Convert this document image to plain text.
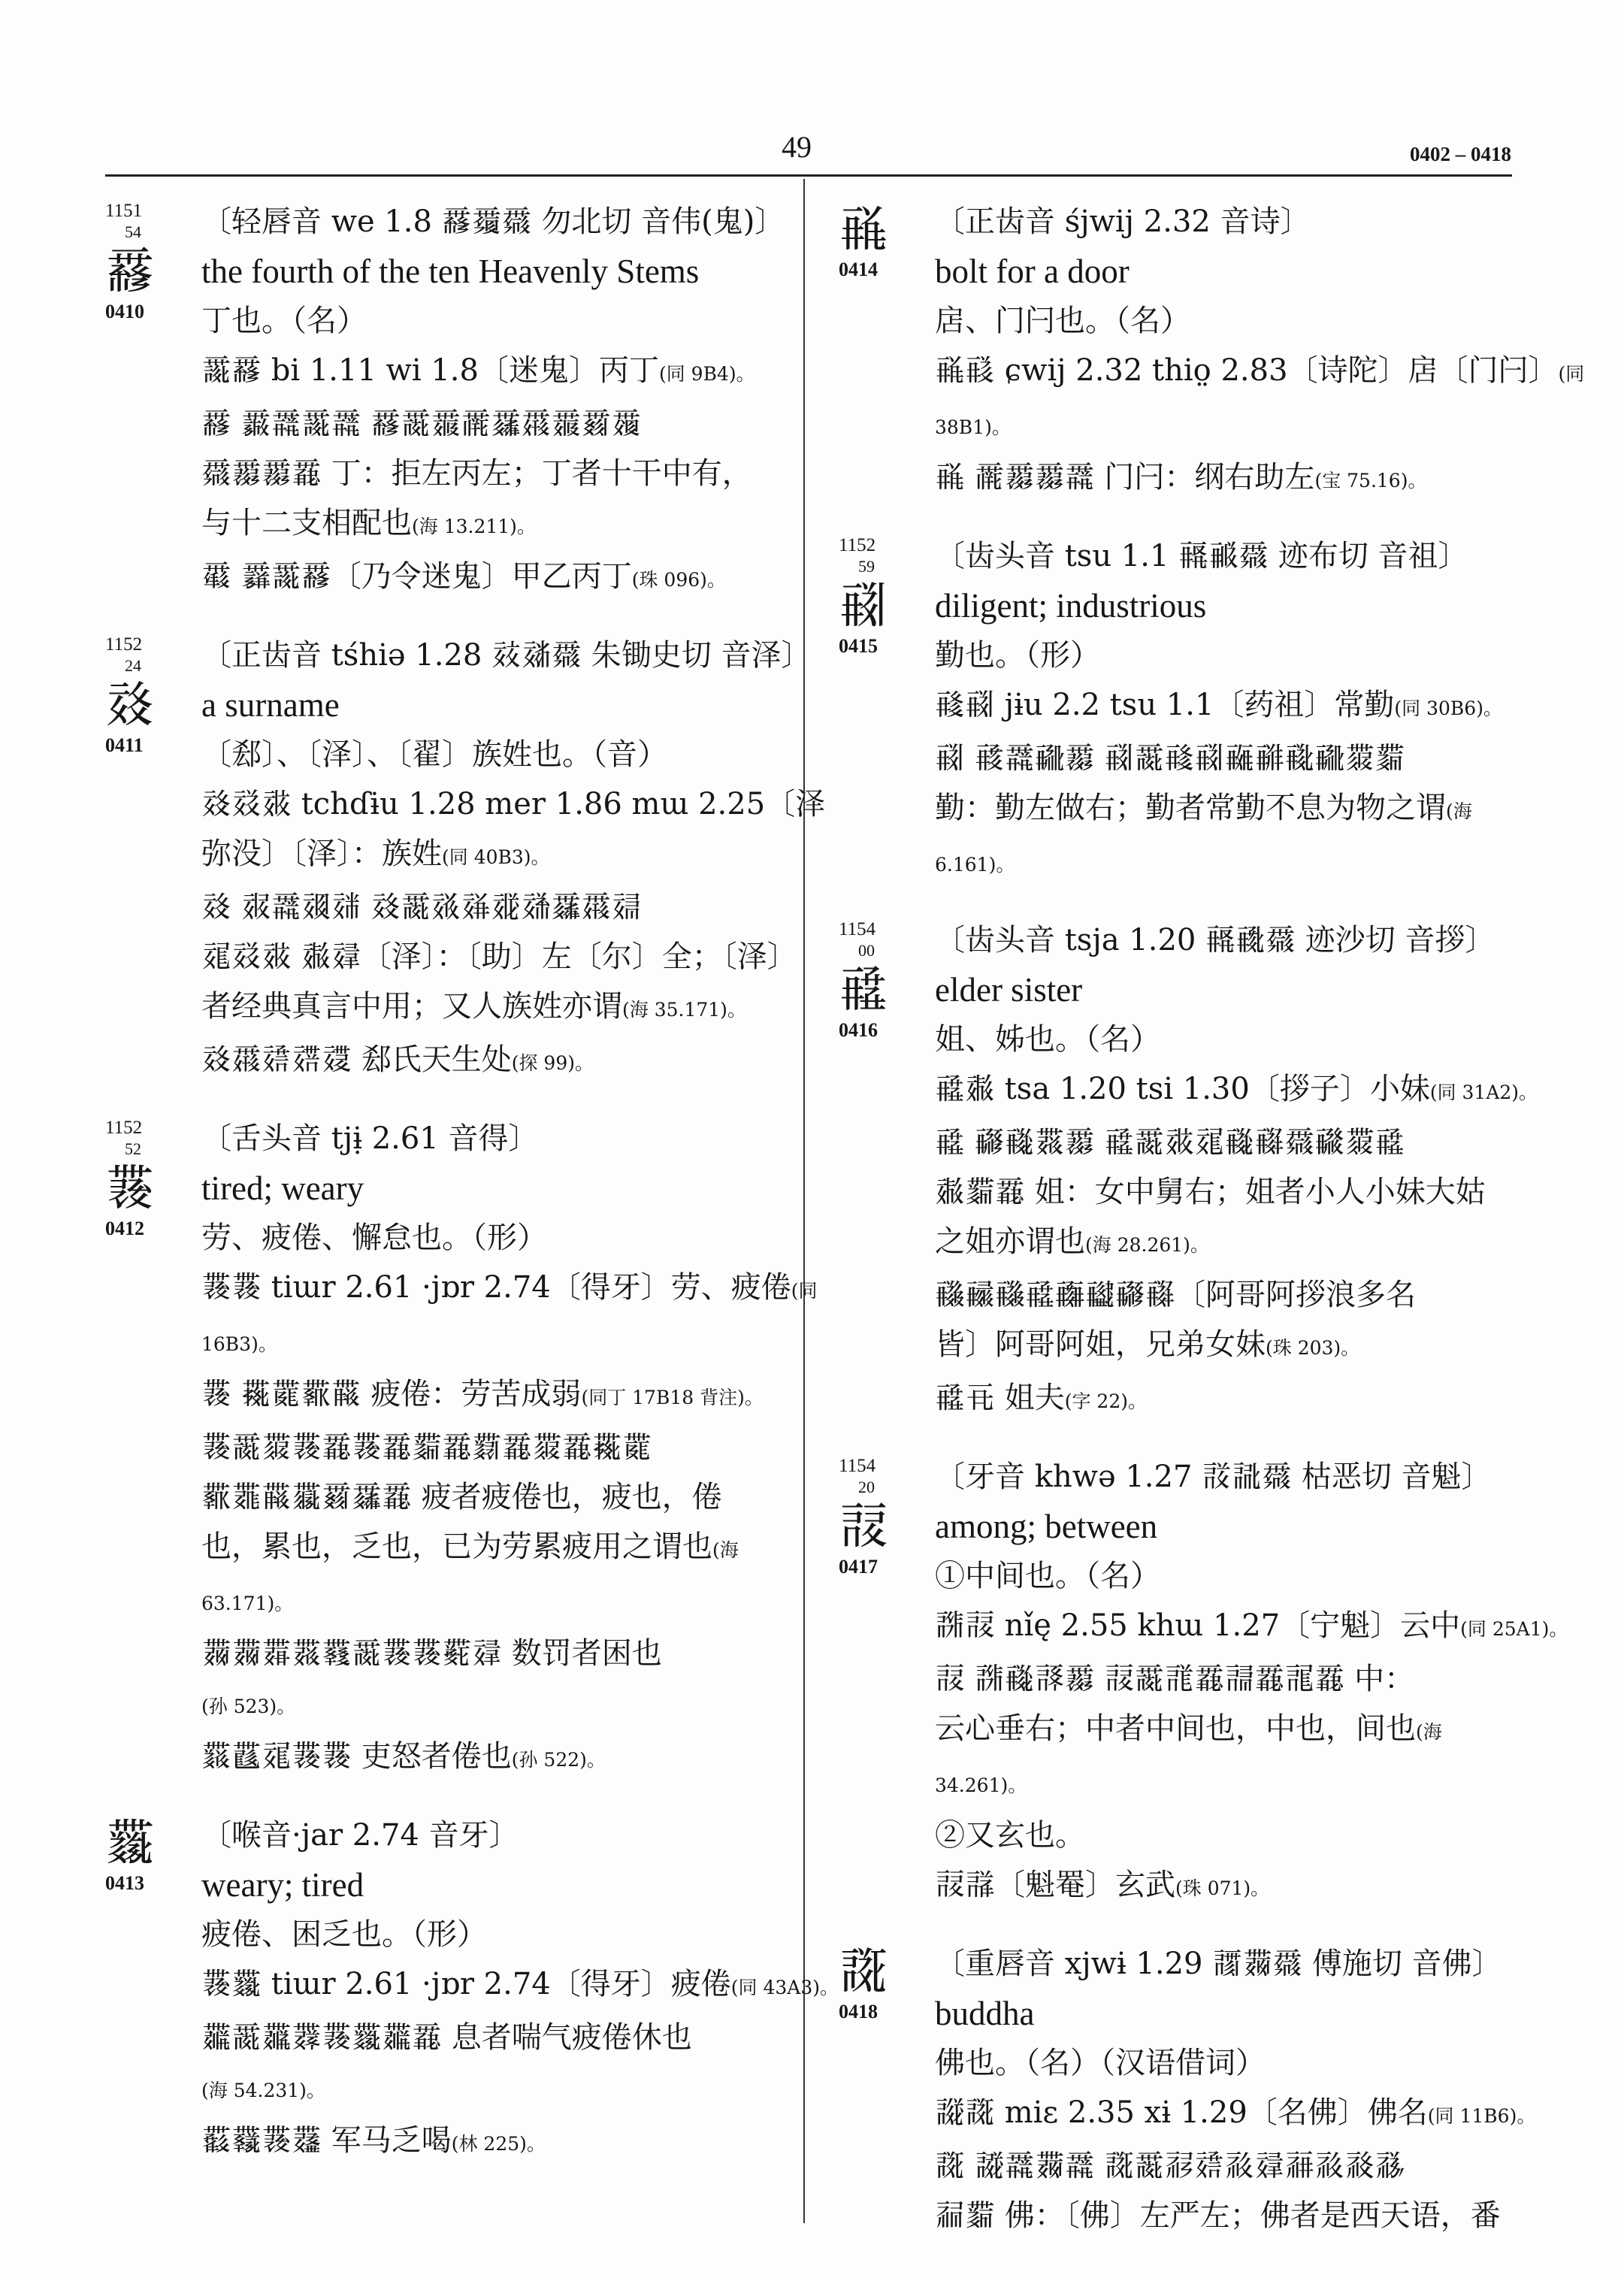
49	0402 – 0418
1151
54
𗵒
0410
〔轻唇音 we 1.8 𗵒𗵓𗵔 勿北切 音伟(鬼)〕
the fourth of the ten Heavenly Stems
丁也。（名）
𗵕𗵒 bi 1.11 wi 1.8〔迷鬼〕丙丁(同 9B4)。
𗵒 𗵖𗵗𗵕𗵗 𗵒𗵘𗵙𗵚𗵛𗵜𗵙𗵝𗵞
𗵔𗵟𗵟𗵠 丁：拒左丙左；丁者十干中有，
与十二支相配也(海 13.211)。
𗵡 𗵢𗵕𗵒〔乃令迷鬼〕甲乙丙丁(珠 096)。
1152
24
𗶀
0411
〔正齿音 tśhiə 1.28 𗶁𗶂𗵔 朱锄史切 音泽〕
a surname
〔郄〕、〔泽〕、〔翟〕族姓也。（音）
𗶀𗶃𗶄 tchɗɨu 1.28 mer 1.86 mɯ 2.25〔泽
弥没〕〔泽〕：族姓(同 40B3)。
𗶀 𗶅𗵗𗶆𗶇 𗶀𗵘𗶈𗶉𗶊𗶋𗵛𗵜𗶌
𗶍𗶃𗶄 𗶎𗶏〔泽〕：〔助〕左〔尔〕全；〔泽〕
者经典真言中用；又人族姓亦谓(海 35.171)。
𗶀𗵜𗶐𗶑𗶒 郄氏天生处(探 99)。
1152
52
𗷀
0412
〔舌头音 tjɨ̣ 2.61 音得〕
tired; weary
劳、疲倦、懈怠也。（形）
𗷀𗷀 tiɯr 2.61 ·jɒr 2.74〔得牙〕劳、疲倦(同
16B3)。
𗷀 𗷁𗷂𗷃𗷄 疲倦：劳苦成弱(同丁 17B18 背注)。
𗷀𗵘𗷅𗷀𗵠𗷀𗵠𗷆𗵠𗷇𗵠𗷅𗵠𗷁𗷂
𗷃𗷈𗷄𗷉𗵝𗵛𗵠 疲者疲倦也，疲也，倦
也，累也，乏也，已为劳累疲用之谓也(海
63.171)。
𗷊𗷊𗷋𗷌𗷍𗵘𗷀𗷀𗷎𗶏 数罚者困也
(孙 523)。
𗷏𗷐𗶍𗷀𗷀 吏怒者倦也(孙 522)。
𗷑
0413
〔喉音·jar 2.74 音牙〕
weary; tired
疲倦、困乏也。（形）
𗷀𗷑 tiɯr 2.61 ·jɒr 2.74〔得牙〕疲倦(同 43A3)。
𗷒𗵘𗷓𗷔𗷀𗷑𗷒𗵠 息者喘气疲倦休也
(海 54.231)。
𗷕𗷖𗷀𗷗 军马乏喝(林 225)。
𗸀
0414
〔正齿音 śjwij 2.32 音诗〕
bolt for a door
扂、门闩也。（名）
𗸀𗸁 ɕwij 2.32 thio̤ 2.83〔诗陀〕扂〔门闩〕(同
38B1)。
𗸀 𗵚𗵟𗵟𗵗 门闩：纲右助左(宝 75.16)。
1152
59
𗸂
0415
〔齿头音 tsu 1.1 𗸃𗸄𗵔 迹布切 音祖〕
diligent; industrious
勤也。（形）
𗸅𗸂 jɨu 2.2 tsu 1.1〔药祖〕常勤(同 30B6)。
𗸂 𗸆𗵗𗸇𗵟 𗸂𗵘𗸅𗸂𗸈𗸉𗸊𗸇𗷅𗷆
勤：勤左做右；勤者常勤不息为物之谓(海
6.161)。
1154
00
𗸋
0416
〔齿头音 tsja 1.20 𗸃𗸌𗵔 迹沙切 音拶〕
elder sister
姐、姊也。（名）
𗸋𗶎 tsa 1.20 tsi 1.30〔拶子〕小妹(同 31A2)。
𗸋 𗸍𗸎𗷌𗵟 𗸋𗵘𗶄𗶍𗸎𗸏𗵔𗸐𗷅𗸋
𗶎𗷆𗵠 姐：女中舅右；姐者小人小妹大姑
之姐亦谓也(海 28.261)。
𗸑𗸒𗸑𗸋𗸓𗸔𗸍𗸏〔阿哥阿拶浪多名
皆〕阿哥阿姐，兄弟女妹(珠 203)。
𗸋𗸕 姐夫(字 22)。
1154
20
𗹀
0417
〔牙音 khwə 1.27 𗹁𗹂𗵔 枯恶切 音魁〕
among; between
①中间也。（名）
𗹃𗹀 nǐę 2.55 khɯ 1.27〔宁魁〕云中(同 25A1)。
𗹀 𗹃𗸎𗹄𗵟 𗹀𗵘𗹅𗵠𗹆𗵠𗹇𗵠 中：
云心垂右；中者中间也，中也，间也(海
34.261)。
②又玄也。
𗹀𗹈〔魁罨〕玄武(珠 071)。
𗹉
0418
〔重唇音 xjwɨ 1.29 𗹊𗷊𗵔 傅施切 音佛〕
buddha
佛也。（名）（汉语借词）
𗹋𗹉 miɛ 2.35 xɨ 1.29〔名佛〕佛名(同 11B6)。
𗹉 𗹌𗵗𗷊𗵗 𗹉𗵘𗹍𗶐𗹎𗶏𗹏𗹎𗹐𗹑
𗹒𗷆 佛：〔佛〕左严左；佛者是西天语，番
